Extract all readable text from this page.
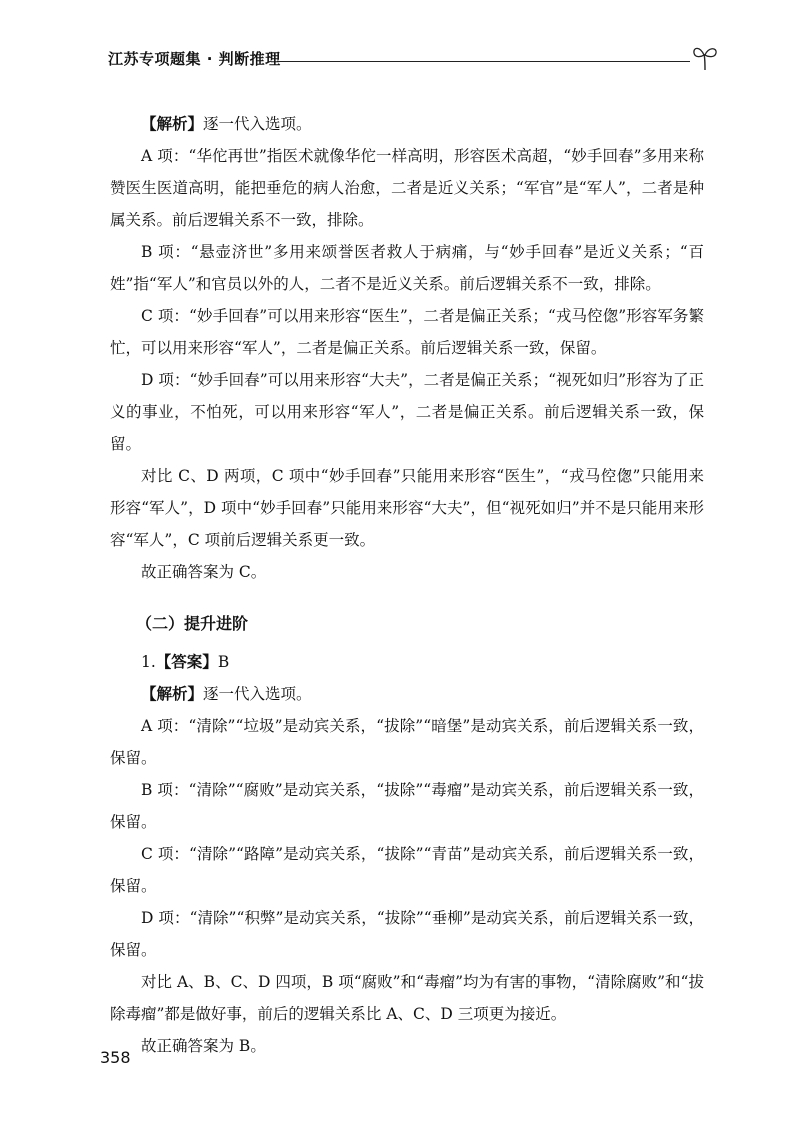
江苏专项题集 · 判断推理

【解析】逐一代入选项。

A 项：“华佗再世”指医术就像华佗一样高明，形容医术高超，“妙手回春”多用来称赞医生医道高明，能把垂危的病人治愈，二者是近义关系；“军官”是“军人”，二者是种属关系。前后逻辑关系不一致，排除。

B 项：“悬壶济世”多用来颂誉医者救人于病痛，与“妙手回春”是近义关系；“百姓”指“军人”和官员以外的人，二者不是近义关系。前后逻辑关系不一致，排除。

C 项：“妙手回春”可以用来形容“医生”，二者是偏正关系；“戎马倥偬”形容军务繁忙，可以用来形容“军人”，二者是偏正关系。前后逻辑关系一致，保留。

D 项：“妙手回春”可以用来形容“大夫”，二者是偏正关系；“视死如归”形容为了正义的事业，不怕死，可以用来形容“军人”，二者是偏正关系。前后逻辑关系一致，保留。

对比 C、D 两项，C 项中“妙手回春”只能用来形容“医生”，“戎马倥偬”只能用来形容“军人”，D 项中“妙手回春”只能用来形容“大夫”，但“视死如归”并不是只能用来形容“军人”，C 项前后逻辑关系更一致。

故正确答案为 C。

（二）提升进阶

1.【答案】B

【解析】逐一代入选项。

A 项：“清除”“垃圾”是动宾关系，“拔除”“暗堡”是动宾关系，前后逻辑关系一致，保留。

B 项：“清除”“腐败”是动宾关系，“拔除”“毒瘤”是动宾关系，前后逻辑关系一致，保留。

C 项：“清除”“路障”是动宾关系，“拔除”“青苗”是动宾关系，前后逻辑关系一致，保留。

D 项：“清除”“积弊”是动宾关系，“拔除”“垂柳”是动宾关系，前后逻辑关系一致，保留。

对比 A、B、C、D 四项，B 项“腐败”和“毒瘤”均为有害的事物，“清除腐败”和“拔除毒瘤”都是做好事，前后的逻辑关系比 A、C、D 三项更为接近。

故正确答案为 B。

358
